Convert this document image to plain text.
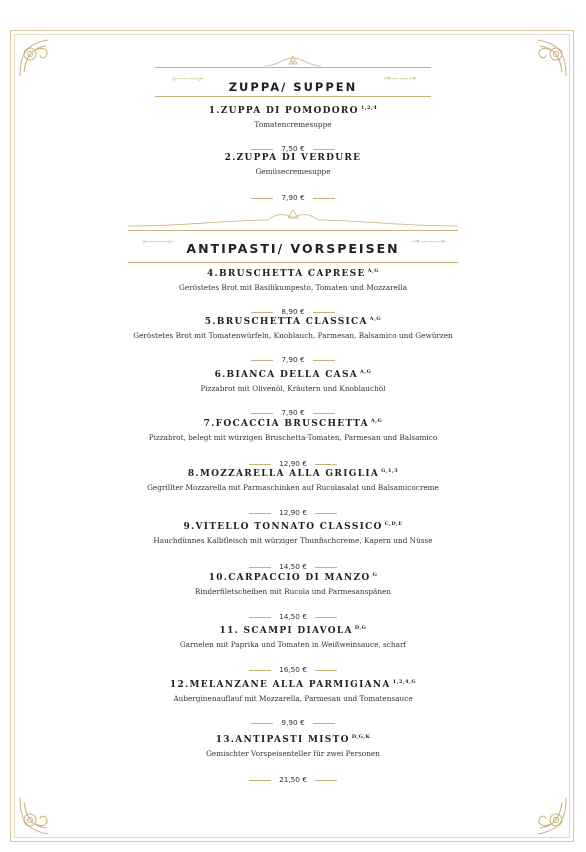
⟜——⟜	⊸——⊸
ZUPPA/ SUPPEN
1.ZUPPA DI POMODORO $^{1,2,4}$
Tomatencremesuppe
7,50 €
2.ZUPPA DI VERDURE
Gemüsecremesuppe
7,90 €
⟜——⟜	⊸——⊸
ANTIPASTI/ VORSPEISEN
4.BRUSCHETTA CAPRESE $^{A,G}$
Geröstetes Brot mit Basilikumpesto, Tomaten und Mozzarella
8,90 €
5.BRUSCHETTA CLASSICA $^{A,G}$
Geröstetes Brot mit Tomatenwürfeln, Knoblauch, Parmesan, Balsamico und Gewürzen
7,90 €
6.BIANCA DELLA CASA $^{A,G}$
Pizzabrot mit Olivenöl, Kräutern und Knoblauchöl
7,90 €
7.FOCACCIA BRUSCHETTA $^{A,G}$
Pizzabrot, belegt mit würzigen Bruschetta-Tomaten, Parmesan und Balsamico
12,90 €
8.MOZZARELLA ALLA GRIGLIA $^{G,1,3}$
Gegrillter Mozzarella mit Parmaschinken auf Rucolasalat und Balsamicocreme
12,90 €
9.VITELLO TONNATO CLASSICO $^{C,D,E}$
Hauchdünnes Kalbfleisch mit würziger Thunfischcreme, Kapern und Nüsse
14,50 €
10.CARPACCIO DI MANZO $^G$
Rinderfiletscheiben mit Rucola und Parmesanspänen
14,50 €
11. SCAMPI DIAVOLA $^{D,G}$
Garnelen mit Paprika und Tomaten in Weißweinsauce, scharf
16,50 €
12.MELANZANE ALLA PARMIGIANA $^{1,2,4,G}$
Auberginenauflauf mit Mozzarella, Parmesan und Tomatensauce
9,90 €
13.ANTIPASTI MISTO $^{D,G,K}$
Gemischter Vorspeisenteller für zwei Personen
21,50 €
